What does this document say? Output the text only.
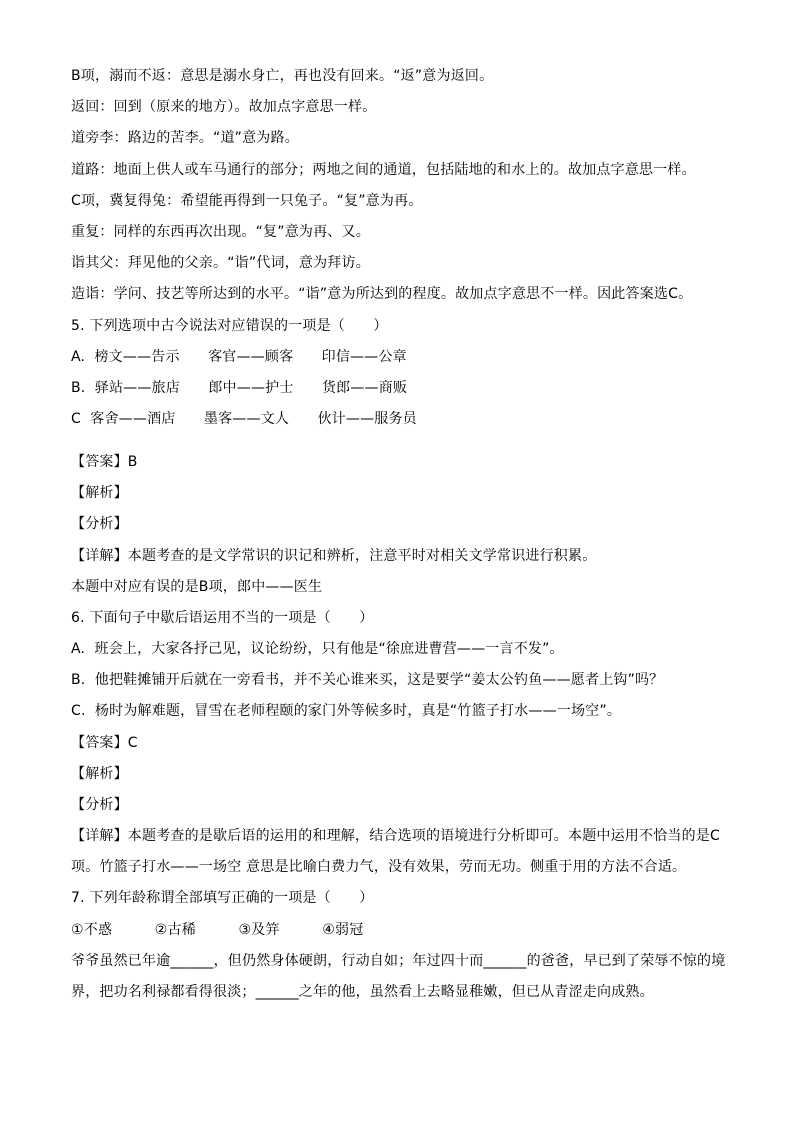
B项，溺而不返：意思是溺水身亡，再也没有回来。“返”意为返回。
返回：回到（原来的地方）。故加点字意思一样。
道旁李：路边的苦李。“道”意为路。
道路：地面上供人或车马通行的部分；两地之间的通道，包括陆地的和水上的。故加点字意思一样。
C项，冀复得兔：希望能再得到一只兔子。“复”意为再。
重复：同样的东西再次出现。“复”意为再、又。
诣其父：拜见他的父亲。“诣”代词，意为拜访。
造诣：学问、技艺等所达到的水平。“诣”意为所达到的程度。故加点字意思不一样。因此答案选C。
5. 下列选项中古今说法对应错误的一项是（　　）
A.  榜文——告示　　客官——顾客　　印信——公章
B.  驿站——旅店　　郎中——护士　　货郎——商贩
C  客舍——酒店　　墨客——文人　　伙计——服务员
【答案】B
【解析】
【分析】
【详解】本题考查的是文学常识的识记和辨析，注意平时对相关文学常识进行积累。
本题中对应有误的是B项，郎中——医生
6. 下面句子中歇后语运用不当的一项是（　　）
A.  班会上，大家各抒己见，议论纷纷，只有他是“徐庶进曹营——一言不发”。
B.  他把鞋摊铺开后就在一旁看书，并不关心谁来买，这是要学“姜太公钓鱼——愿者上钩”吗？
C.  杨时为解难题，冒雪在老师程颐的家门外等候多时，真是“竹篮子打水——一场空”。
【答案】C
【解析】
【分析】
【详解】本题考查的是歇后语的运用的和理解，结合选项的语境进行分析即可。本题中运用不恰当的是C
项。竹篮子打水——一场空 意思是比喻白费力气，没有效果，劳而无功。侧重于用的方法不合适。
7. 下列年龄称谓全部填写正确的一项是（　　）
①不惑　　　②古稀　　　③及笄　　　④弱冠
爷爷虽然已年逾______，但仍然身体硬朗，行动自如；年过四十而______的爸爸，早已到了荣辱不惊的境
界，把功名利禄都看得很淡；______之年的他，虽然看上去略显稚嫩，但已从青涩走向成熟。
